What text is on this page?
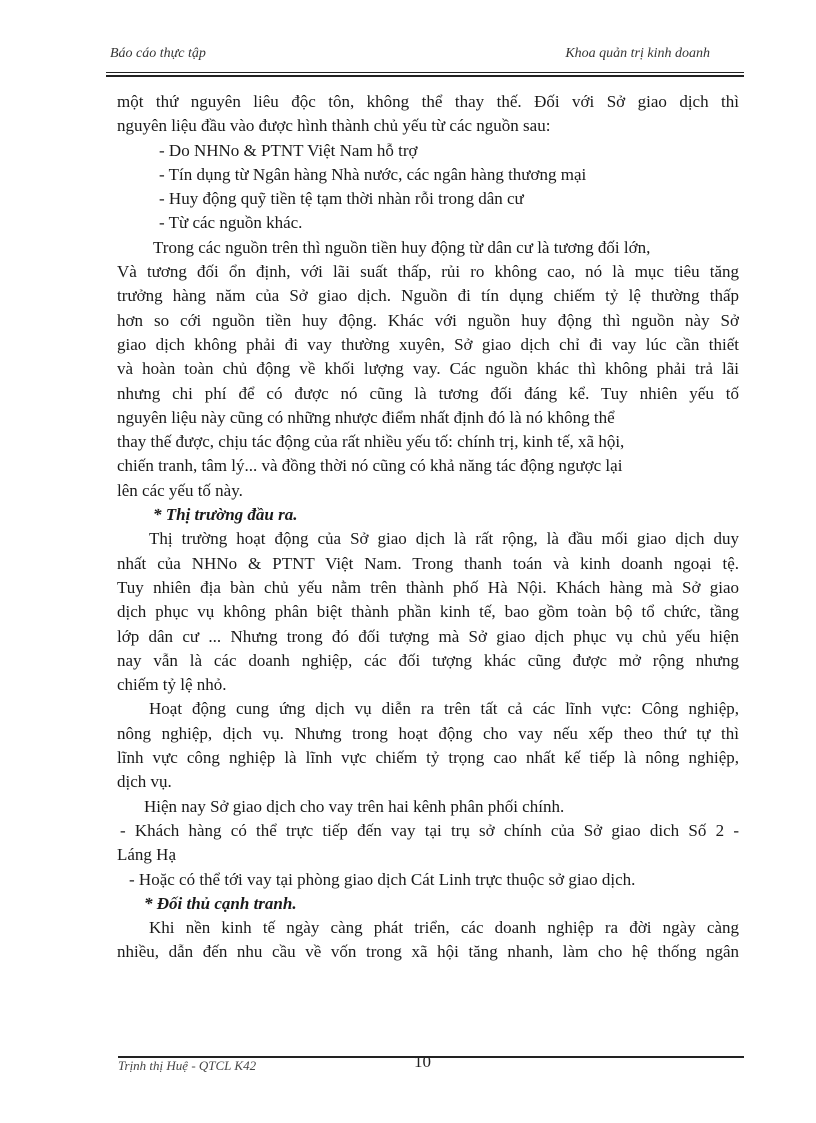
Báo cáo thực tập	Khoa quản trị kinh doanh
một thứ nguyên liêu độc tôn, không thể thay thế. Đối với Sở giao dịch thì
nguyên liệu đầu vào được hình thành chủ yếu từ các nguồn sau:
- Do NHNo & PTNT Việt Nam hỗ trợ
- Tín dụng từ Ngân hàng Nhà nước, các ngân hàng thương mại
- Huy động quỹ tiền tệ tạm thời nhàn rỗi trong dân cư
- Từ các nguồn khác.
Trong các nguồn trên thì nguồn tiền huy động từ dân cư là tương đối lớn,
Và tương đối ổn định, với lãi suất thấp, rủi ro không cao, nó là mục tiêu tăng
trưởng hàng năm của Sở giao dịch. Nguồn đi tín dụng chiếm tỷ lệ thường thấp
hơn so cới nguồn tiền huy động. Khác với nguồn huy động thì nguồn này Sở
giao dịch không phải đi vay thường xuyên, Sở giao dịch chỉ đi vay lúc cần thiết
và hoàn toàn chủ động về khối lượng vay. Các nguồn khác thì không phải trả lãi
nhưng chi phí để có được nó cũng là tương đối đáng kể. Tuy nhiên yếu tố
nguyên liệu này cũng có những nhược điểm nhất định đó là nó không thể
thay thế được, chịu tác động của rất nhiều yếu tố: chính trị, kinh tế, xã hội,
chiến tranh, tâm lý... và đồng thời nó cũng có khả năng tác động ngược lại
lên các yếu tố này.
* Thị trường đầu ra.
Thị trường hoạt động của Sở giao dịch là rất rộng, là đầu mối giao dịch duy
nhất của NHNo & PTNT Việt Nam. Trong thanh toán và kinh doanh ngoại tệ.
Tuy nhiên địa bàn chủ yếu nằm trên thành phố Hà Nội. Khách hàng mà Sở giao
dịch phục vụ không phân biệt thành phần kinh tế, bao gồm toàn bộ tổ chức, tầng
lớp dân cư ... Nhưng trong đó đối tượng mà Sở giao dịch phục vụ chủ yếu hiện
nay vẫn là các doanh nghiệp, các đối tượng khác cũng được mở rộng nhưng
chiếm tỷ lệ nhỏ.
Hoạt động cung ứng dịch vụ diễn ra trên tất cả các lĩnh vực: Công nghiệp,
nông nghiệp, dịch vụ. Nhưng trong hoạt động cho vay nếu xếp theo thứ tự thì
lĩnh vực công nghiệp là lĩnh vực chiếm tỷ trọng cao nhất kế tiếp là nông nghiệp,
dịch vụ.
Hiện nay Sở giao dịch cho vay trên hai kênh phân phối chính.
- Khách hàng có thể trực tiếp đến vay tại trụ sở chính của Sở giao dich Số 2 -
Láng Hạ
- Hoặc có thể tới vay tại phòng giao dịch Cát Linh trực thuộc sở giao dịch.
* Đối thủ cạnh tranh.
Khi nền kinh tế ngày càng phát triển, các doanh nghiệp ra đời ngày càng
nhiều, dẫn đến nhu cầu về vốn trong xã hội tăng nhanh, làm cho hệ thống ngân
Trịnh thị Huệ - QTCL K42	10
